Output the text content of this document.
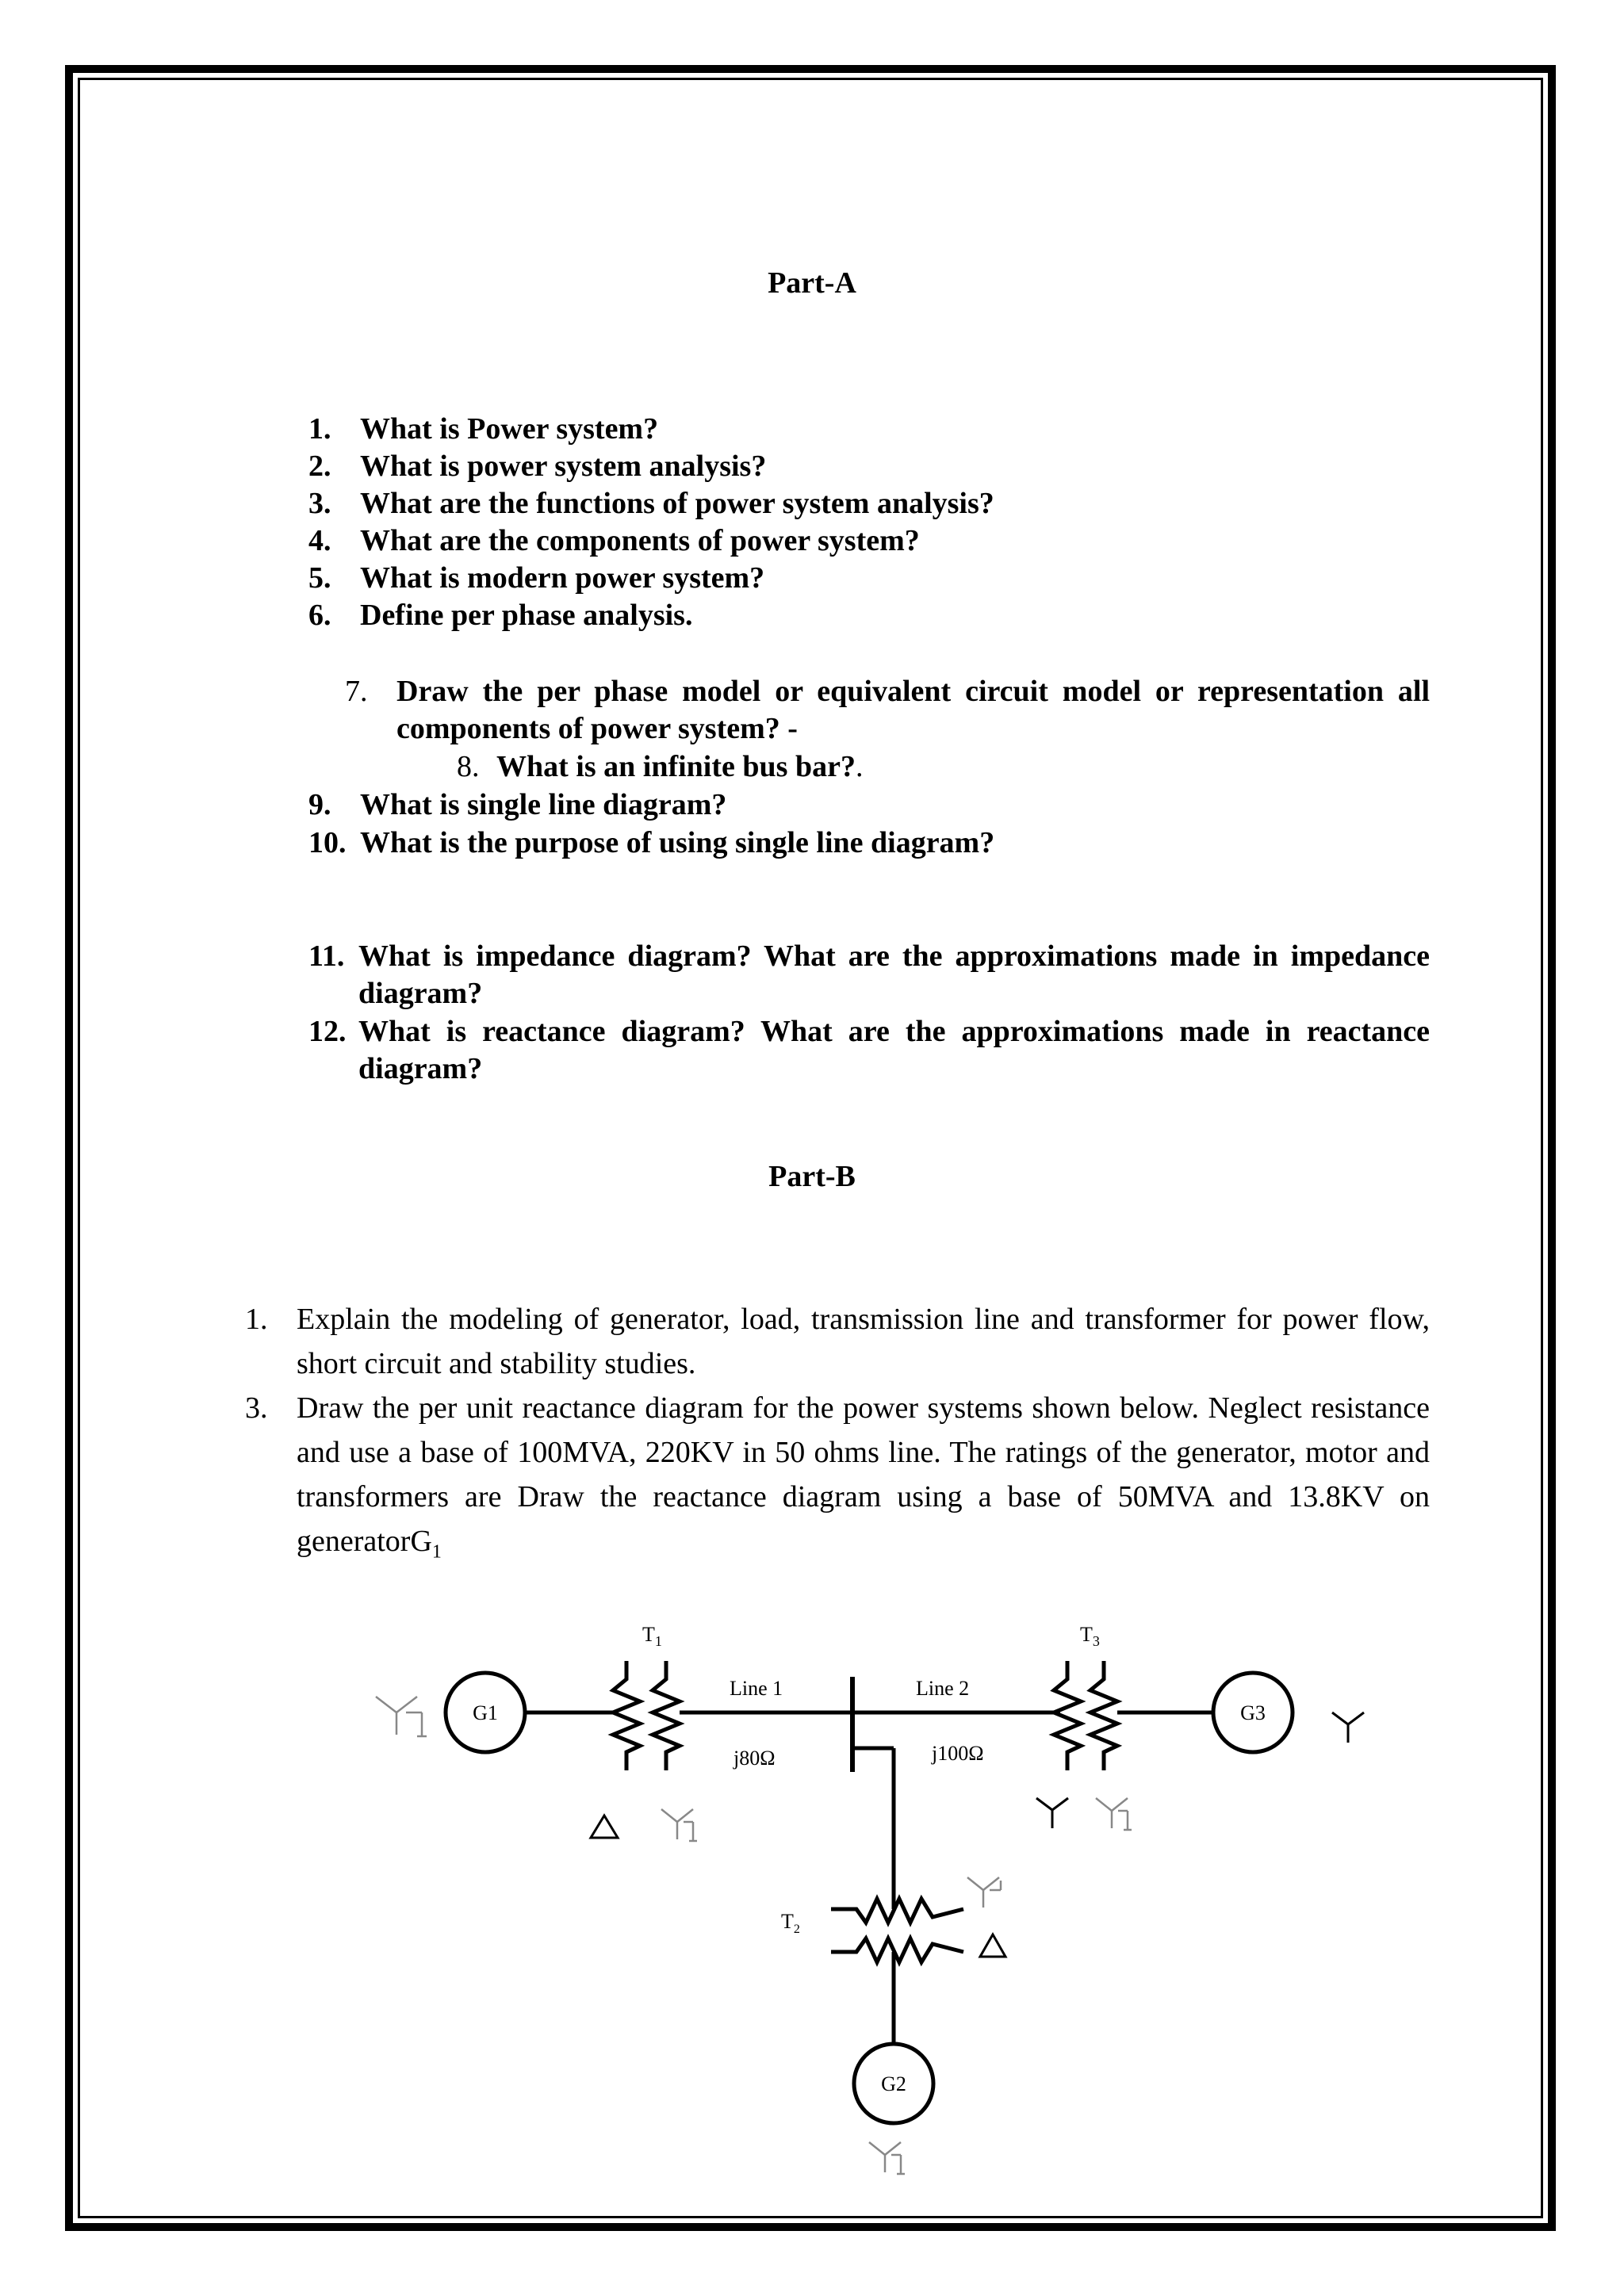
Part-A
1. What is Power system?
2. What is power system analysis?
3. What are the functions of power system analysis?
4. What are the components of power system?
5. What is modern power system?
6. Define per phase analysis.
7. Draw the per phase model or equivalent circuit model or representation all components of power system? -
8. What is an infinite bus bar?.
9. What is single line diagram?
10. What is the purpose of using single line diagram?
11. What is impedance diagram? What are the approximations made in impedance diagram?
12. What is reactance diagram? What are the approximations made in reactance diagram?
Part-B
1. Explain the modeling of generator, load, transmission line and transformer for power flow, short circuit and stability studies.
3. Draw the per unit reactance diagram for the power systems shown below. Neglect resistance and use a base of 100MVA, 220KV in 50 ohms line. The ratings of the generator, motor and transformers are Draw the reactance diagram using a base of 50MVA and 13.8KV on generatorG$_1$
$T_1$	$T_3$
$T_2$
G1	G3
G2
Line 1	Line 2
j80Ω	j100Ω
